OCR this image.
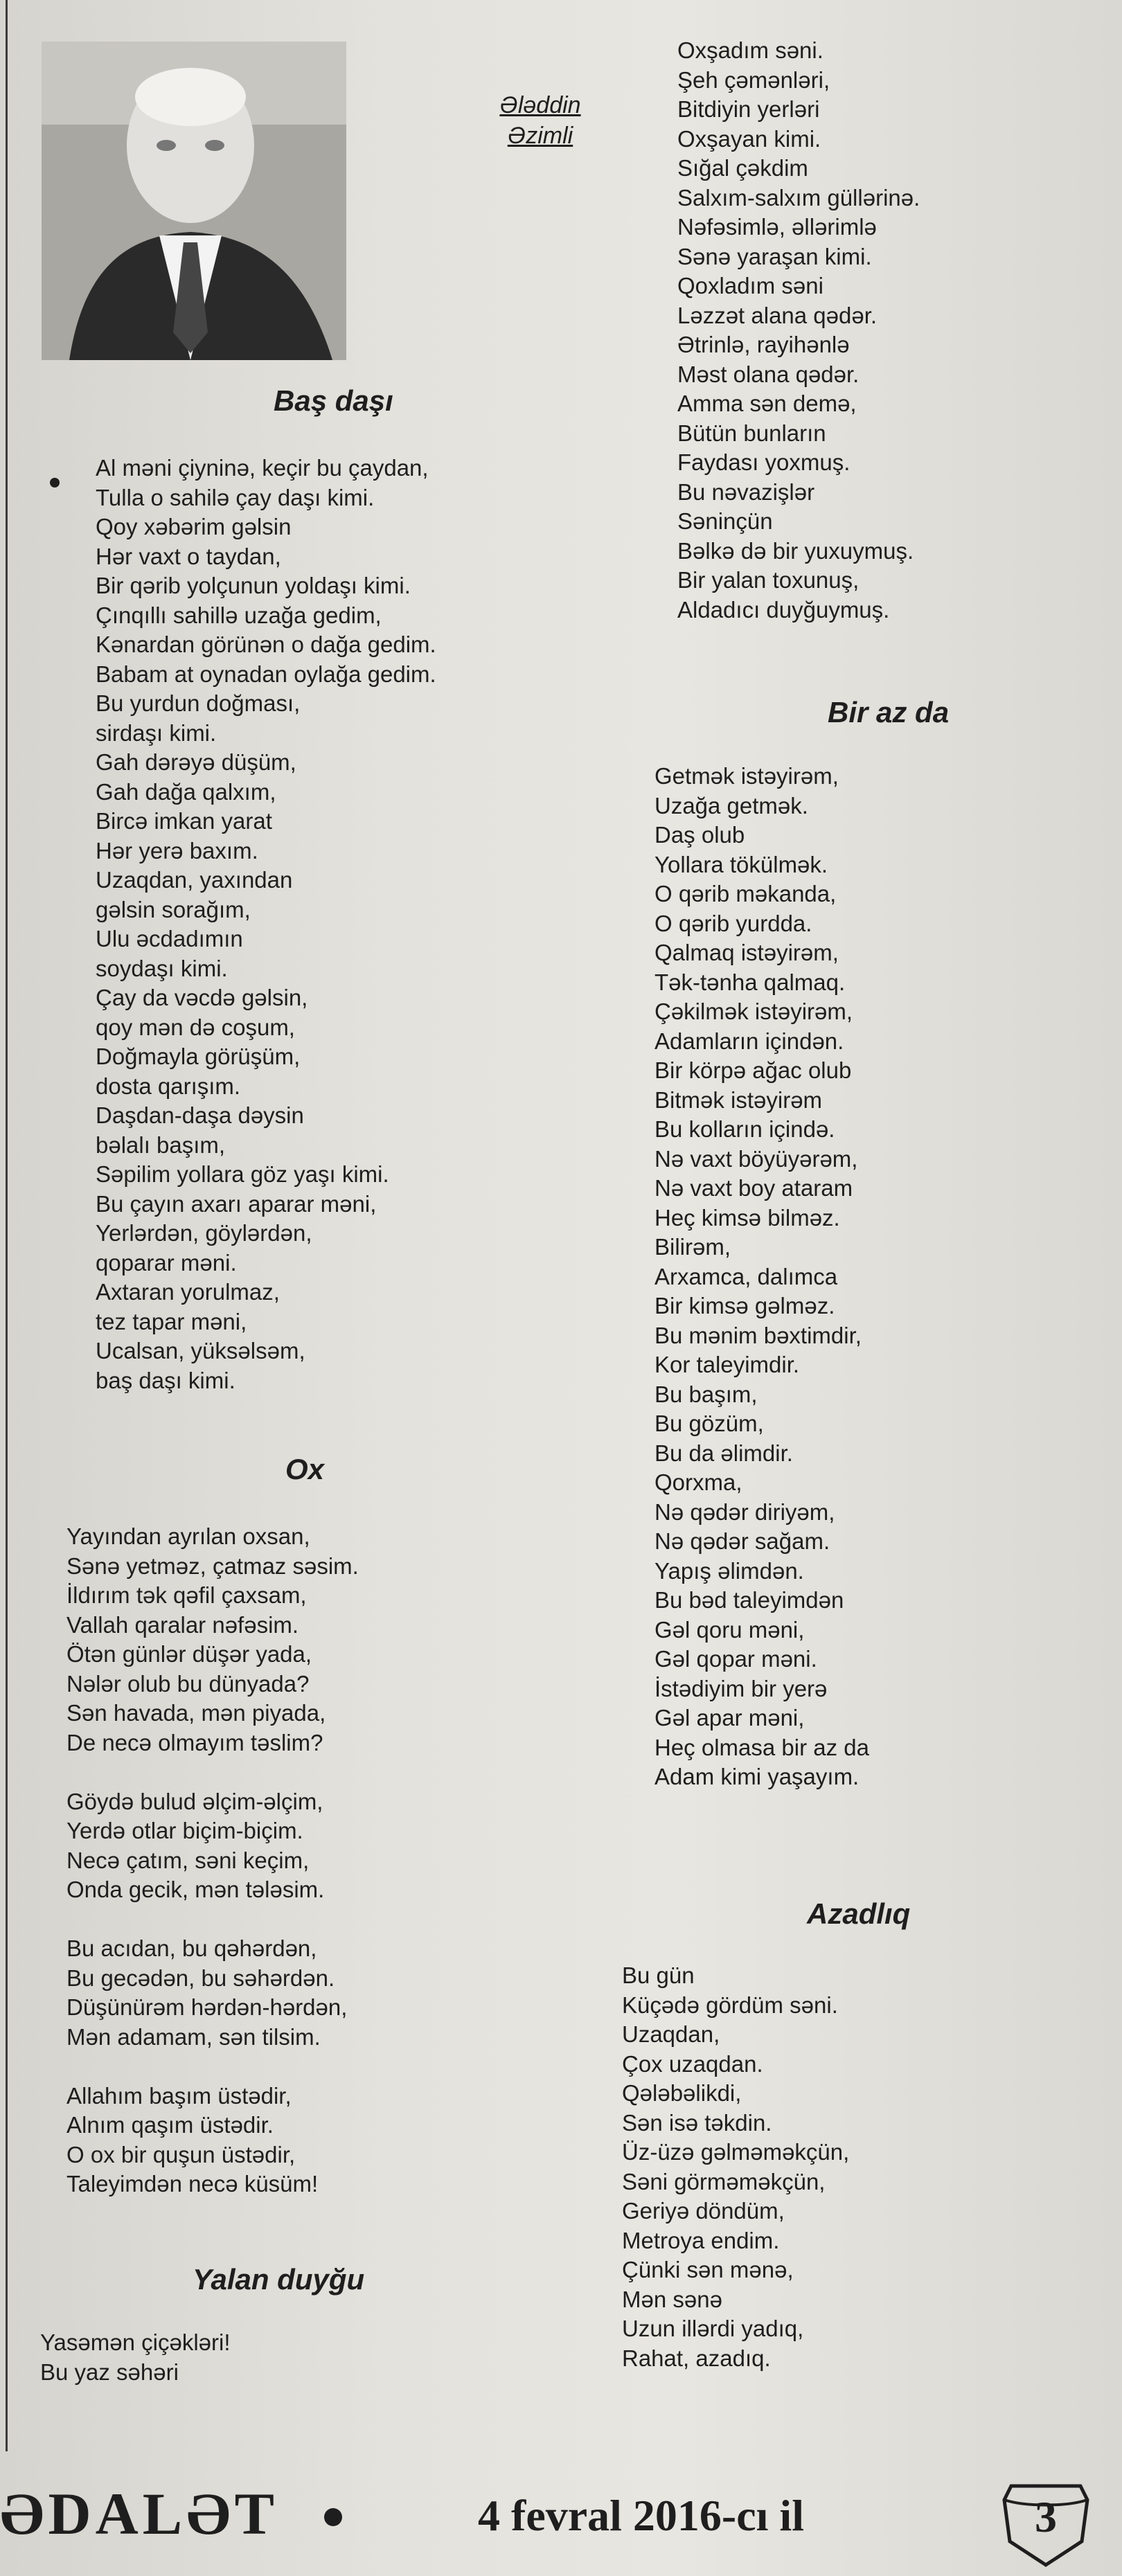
Əlәddin
Əzimli
Baş daşı
Al məni çiyninə, keçir bu çaydan,
Tulla o sahilə çay daşı kimi.
Qoy xəbərim gəlsin
Hər vaxt o taydan,
Bir qərib yolçunun yoldaşı kimi.
Çınqıllı sahillə uzağa gedim,
Kənardan görünən o dağa gedim.
Babam at oynadan oylağa gedim.
Bu yurdun doğması,
sirdaşı kimi.
Gah dərəyə düşüm,
Gah dağa qalxım,
Bircə imkan yarat
Hər yerə baxım.
Uzaqdan, yaxından
gəlsin sorağım,
Ulu əcdadımın
soydaşı kimi.
Çay da vəcdə gəlsin,
qoy mən də coşum,
Doğmayla görüşüm,
dosta qarışım.
Daşdan-daşa dəysin
bəlalı başım,
Səpilim yollara göz yaşı kimi.
Bu çayın axarı aparar məni,
Yerlərdən, göylərdən,
qoparar məni.
Axtaran yorulmaz,
tez tapar məni,
Ucalsan, yüksəlsəm,
baş daşı kimi.
Ox
Yayından ayrılan oxsan,
Sənə yetməz, çatmaz səsim.
İldırım tək qəfil çaxsam,
Vallah qaralar nəfəsim.
Ötən günlər düşər yada,
Nələr olub bu dünyada?
Sən havada, mən piyada,
De necə olmayım təslim?
Göydə bulud əlçim-əlçim,
Yerdə otlar biçim-biçim.
Necə çatım, səni keçim,
Onda gecik, mən tələsim.
Bu acıdan, bu qəhərdən,
Bu gecədən, bu səhərdən.
Düşünürəm hərdən-hərdən,
Mən adamam, sən tilsim.
Allahım başım üstədir,
Alnım qaşım üstədir.
O ox bir quşun üstədir,
Taleyimdən necə küsüm!
Yalan duyğu
Yasəmən çiçəkləri!
Bu yaz səhəri
Oxşadım səni.
Şeh çəmənləri,
Bitdiyin yerləri
Oxşayan kimi.
Sığal çəkdim
Salxım-salxım güllərinə.
Nəfəsimlə, əllərimlə
Sənə yaraşan kimi.
Qoxladım səni
Ləzzət alana qədər.
Ətrinlə, rayihənlə
Məst olana qədər.
Amma sən demə,
Bütün bunların
Faydası yoxmuş.
Bu nəvazişlər
Səninçün
Bəlkə də bir yuxuymuş.
Bir yalan toxunuş,
Aldadıcı duyğuymuş.
Bir az da
Getmək istəyirəm,
Uzağa getmək.
Daş olub
Yollara tökülmək.
O qərib məkanda,
O qərib yurdda.
Qalmaq istəyirəm,
Tək-tənha qalmaq.
Çəkilmək istəyirəm,
Adamların içindən.
Bir körpə ağac olub
Bitmək istəyirəm
Bu kolların içində.
Nə vaxt böyüyərəm,
Nə vaxt boy ataram
Heç kimsə bilməz.
Bilirəm,
Arxamca, dalımca
Bir kimsə gəlməz.
Bu mənim bəxtimdir,
Kor taleyimdir.
Bu başım,
Bu gözüm,
Bu da əlimdir.
Qorxma,
Nə qədər diriyəm,
Nə qədər sağam.
Yapış əlimdən.
Bu bəd taleyimdən
Gəl qoru məni,
Gəl qopar məni.
İstədiyim bir yerə
Gəl apar məni,
Heç olmasa bir az da
Adam kimi yaşayım.
Azadlıq
Bu gün
Küçədə gördüm səni.
Uzaqdan,
Çox uzaqdan.
Qələbəlikdi,
Sən isə təkdin.
Üz-üzə gəlməməkçün,
Səni görməməkçün,
Geriyə döndüm,
Metroya endim.
Çünki sən mənə,
Mən sənə
Uzun illərdi yadıq,
Rahat, azadıq.
ƏDALƏT	4 fevral 2016-cı il	3
